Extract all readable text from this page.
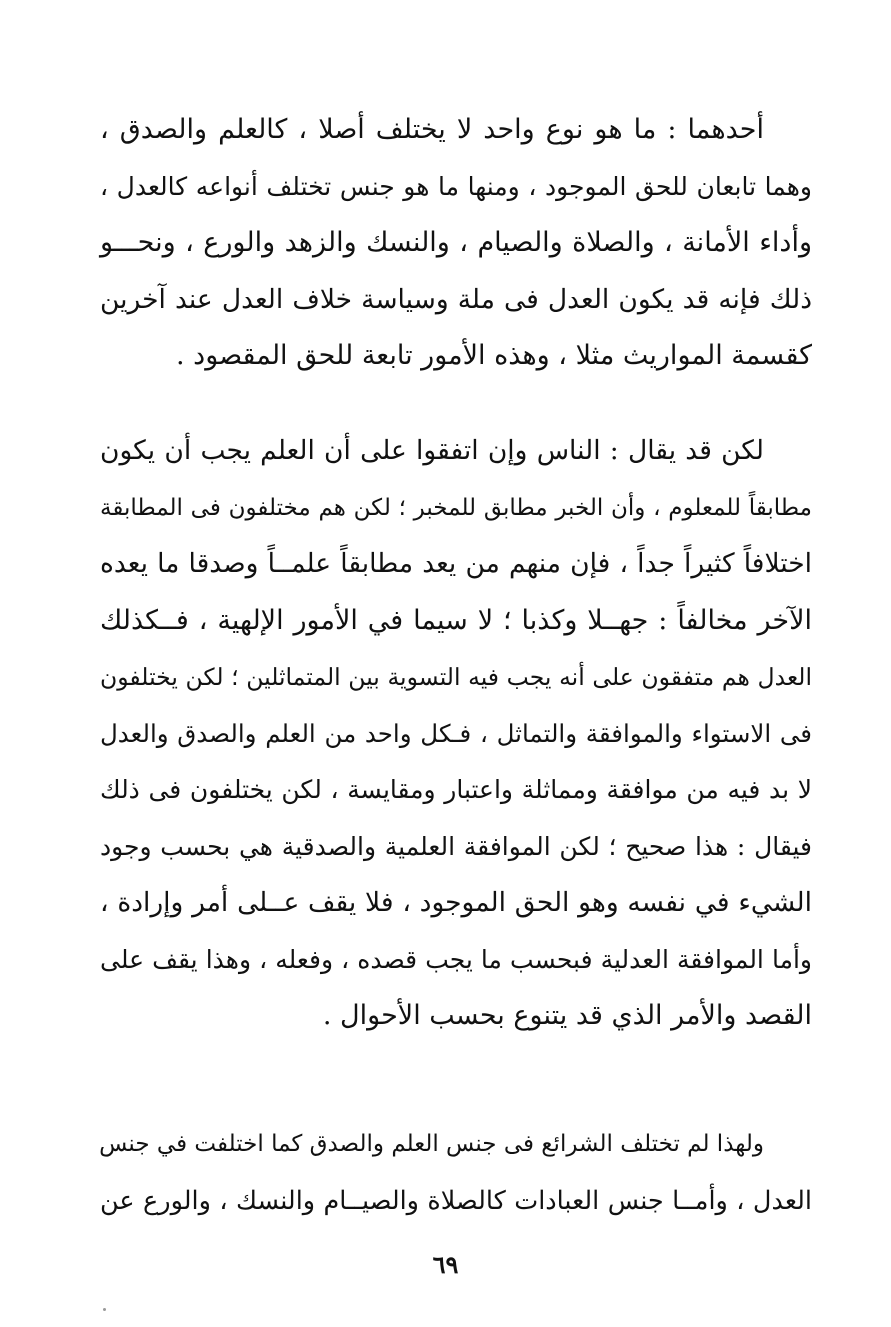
أحدهما : ما هو نوع واحد لا يختلف أصلا ، كالعلم والصدق ،
وهما تابعان للحق الموجود ، ومنها ما هو جنس تختلف أنواعه كالعدل ،
وأداء الأمانة ، والصلاة والصيام ، والنسك والزهد والورع ، ونحـــو
ذلك فإنه قد يكون العدل فى ملة وسياسة خلاف العدل عند آخرين
كقسمة المواريث مثلا ، وهذه الأمور تابعة للحق المقصود .
لكن قد يقال : الناس وإن اتفقوا على أن العلم يجب أن يكون
مطابقاً للمعلوم ، وأن الخبر مطابق للمخبر ؛ لكن هم مختلفون فى المطابقة
اختلافاً كثيراً جداً ، فإن منهم من يعد مطابقاً علمــاً وصدقا ما يعده
الآخر مخالفاً : جهــلا وكذبا ؛ لا سيما في الأمور الإلهية ، فــكذلك
العدل هم متفقون على أنه يجب فيه التسوية بين المتماثلين ؛ لكن يختلفون
فى الاستواء والموافقة والتماثل ، فـكل واحد من العلم والصدق والعدل
لا بد فيه من موافقة ومماثلة واعتبار ومقايسة ، لكن يختلفون فى ذلك
فيقال : هذا صحيح ؛ لكن الموافقة العلمية والصدقية هي بحسب وجود
الشيء في نفسه وهو الحق الموجود ، فلا يقف عــلى أمر وإرادة ،
وأما الموافقة العدلية فبحسب ما يجب قصده ، وفعله ، وهذا يقف على
القصد والأمر الذي قد يتنوع بحسب الأحوال .
ولهذا لم تختلف الشرائع فى جنس العلم والصدق كما اختلفت في جنس
العدل ، وأمــا جنس العبادات كالصلاة والصيــام والنسك ، والورع عن
٦٩
